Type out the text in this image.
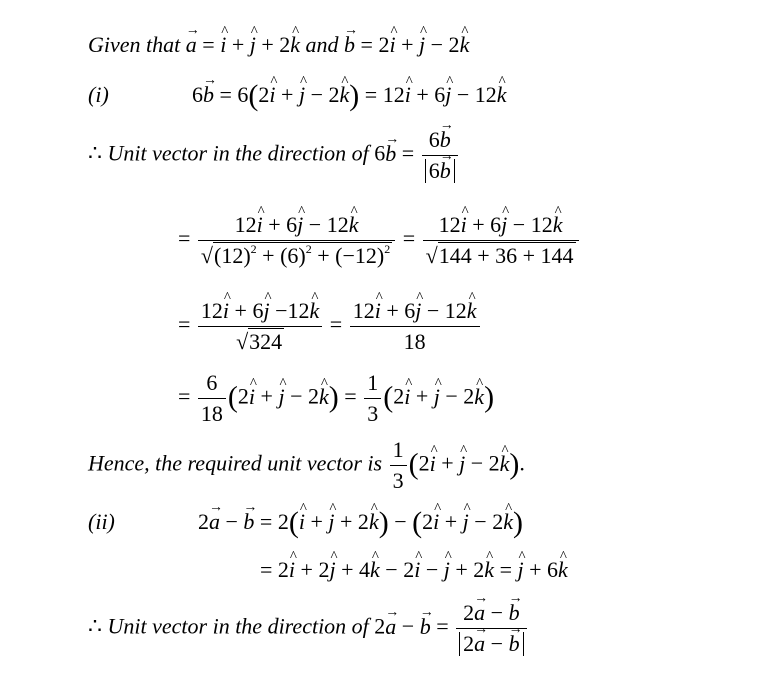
Given that a → = i ^ + j ^ + 2k ^ and b → = 2i ^ + j ^ − 2k ^
(i)	6b → = 6(2i ^ + j ^ − 2k ^) = 12i ^ + 6j ^ − 12k ^
∴ Unit vector in the direction of 6b → = $\frac{6b \to}{6b}$ →
= $\frac{12i \^{} + 6j \^{} - 12k \^{}}{√(12)^2 + (6)^2 + (-12)^2} = \frac{12i \^{} + 6j \^{} - 12k \^{}}{√144 + 36 + 144}$
= $\frac{12i \^{} + 6j \^{} -12k \^{}}{√324} = \frac{12i \^{} + 6j \^{} - 12k \^{}}{18}$
= $\frac{6}{18} (2i$ ^ + j ^ − 2k ^) = $\frac{1}{3} (2i$ ^ + j ^ − 2k ^)
Hence, the required unit vector is $\frac{1}{3} (2i$ ^ + j ^ − 2k ^).
(ii)	2a → − b → = 2(i ^ + j ^ + 2k ^) − (2i ^ + j ^ − 2k ^)
= 2i ^ + 2j ^ + 4k ^ − 2i ^ − j ^ + 2k ^ = j ^ + 6k ^
∴ Unit vector in the direction of 2a → − b → = $\frac{2a \to - b \to}{2a \to - b}$ →
